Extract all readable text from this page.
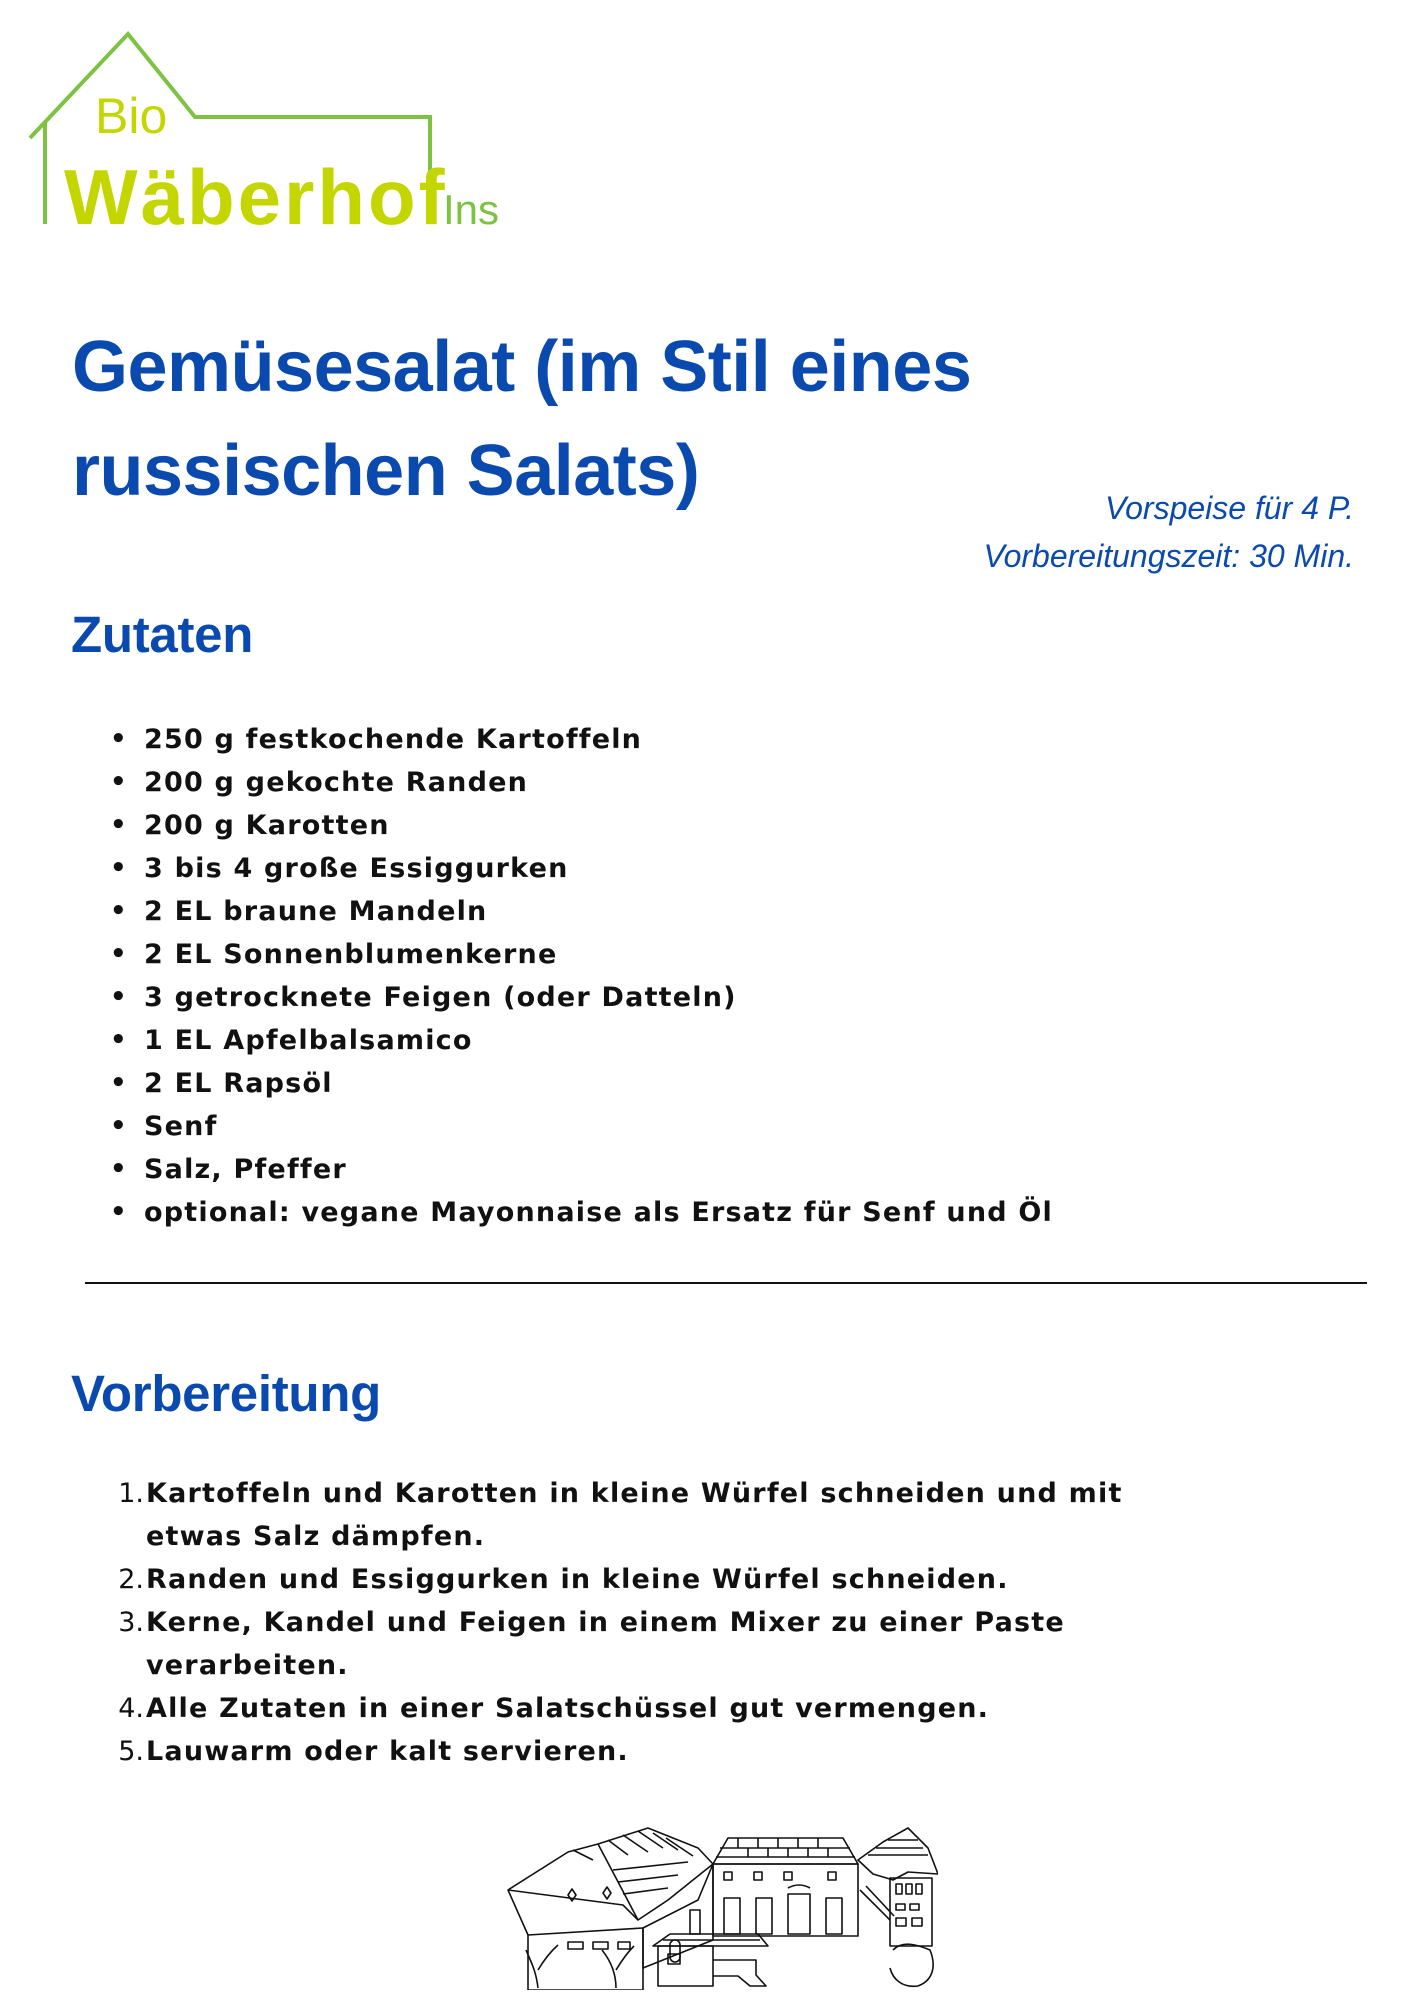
Bio
Wäberhof
Ins
Gemüsesalat (im Stil eines
russischen Salats)	Vorspeise für 4 P.
Vorbereitungszeit: 30 Min.
Zutaten
• 250 g festkochende Kartoffeln
• 200 g gekochte Randen
• 200 g Karotten
• 3 bis 4 große Essiggurken
• 2 EL braune Mandeln
• 2 EL Sonnenblumenkerne
• 3 getrocknete Feigen (oder Datteln)
• 1 EL Apfelbalsamico
• 2 EL Rapsöl
• Senf
• Salz, Pfeffer
• optional: vegane Mayonnaise als Ersatz für Senf und Öl
Vorbereitung
1. Kartoffeln und Karotten in kleine Würfel schneiden und mit etwas Salz dämpfen.
2. Randen und Essiggurken in kleine Würfel schneiden.
3. Kerne, Kandel und Feigen in einem Mixer zu einer Paste verarbeiten.
4. Alle Zutaten in einer Salatschüssel gut vermengen.
5. Lauwarm oder kalt servieren.
